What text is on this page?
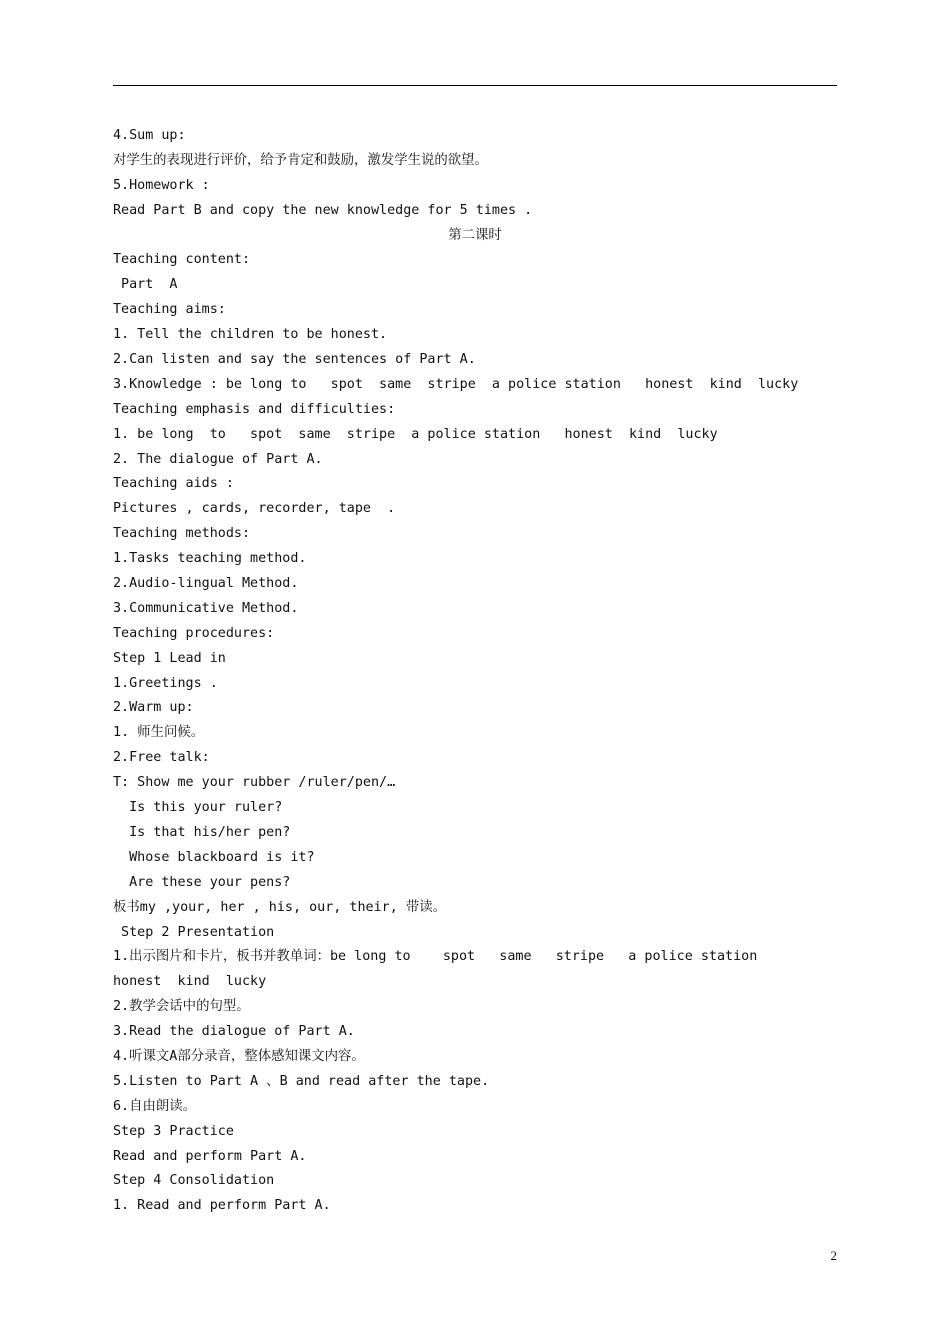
4.Sum up:
对学生的表现进行评价，给予肯定和鼓励，激发学生说的欲望。
5.Homework :
Read Part B and copy the new knowledge for 5 times .
第二课时
Teaching content:
Part  A
Teaching aims:
1. Tell the children to be honest.
2.Can listen and say the sentences of Part A.
3.Knowledge : be long to   spot  same  stripe  a police station   honest  kind  lucky
Teaching emphasis and difficulties:
1. be long  to   spot  same  stripe  a police station   honest  kind  lucky
2. The dialogue of Part A.
Teaching aids :
Pictures , cards, recorder, tape  .
Teaching methods:
1.Tasks teaching method.
2.Audio-lingual Method.
3.Communicative Method.
Teaching procedures:
Step 1 Lead in
1.Greetings .
2.Warm up:
1. 师生问候。
2.Free talk:
T: Show me your rubber /ruler/pen/…
Is this your ruler?
Is that his/her pen?
Whose blackboard is it?
Are these your pens?
板书my ,your, her , his, our, their, 带读。
Step 2 Presentation
1.出示图片和卡片，板书并教单词：be long to    spot   same   stripe   a police station
honest  kind  lucky
2.教学会话中的句型。
3.Read the dialogue of Part A.
4.听课文A部分录音，整体感知课文内容。
5.Listen to Part A 、B and read after the tape.
6.自由朗读。
Step 3 Practice
Read and perform Part A.
Step 4 Consolidation
1. Read and perform Part A.
2
